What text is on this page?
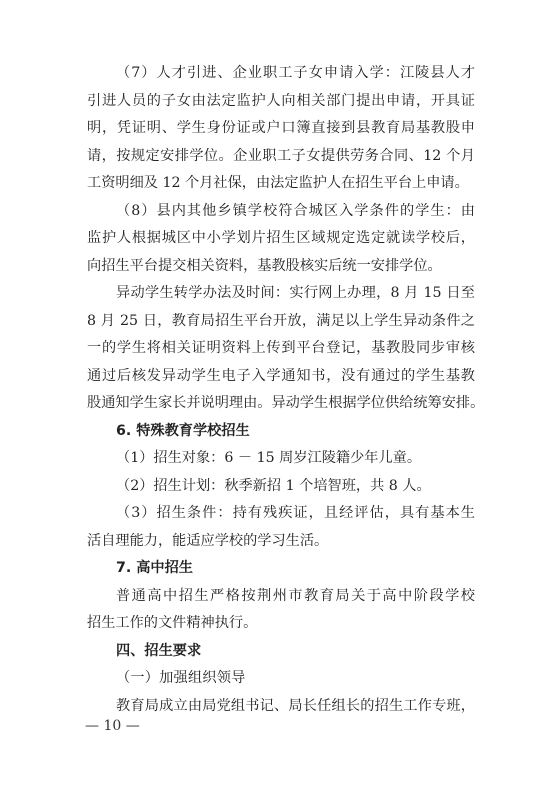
（7）人才引进、企业职工子女申请入学：江陵县人才
引进人员的子女由法定监护人向相关部门提出申请，开具证
明，凭证明、学生身份证或户口簿直接到县教育局基教股申
请，按规定安排学位。企业职工子女提供劳务合同、12 个月
工资明细及 12 个月社保，由法定监护人在招生平台上申请。
（8）县内其他乡镇学校符合城区入学条件的学生：由
监护人根据城区中小学划片招生区域规定选定就读学校后，
向招生平台提交相关资料，基教股核实后统一安排学位。
异动学生转学办法及时间：实行网上办理，8 月 15 日至
8 月 25 日，教育局招生平台开放，满足以上学生异动条件之
一的学生将相关证明资料上传到平台登记，基教股同步审核
通过后核发异动学生电子入学通知书，没有通过的学生基教
股通知学生家长并说明理由。异动学生根据学位供给统筹安排。
6. 特殊教育学校招生
（1）招生对象：6 － 15 周岁江陵籍少年儿童。
（2）招生计划：秋季新招 1 个培智班，共 8 人。
（3）招生条件：持有残疾证，且经评估，具有基本生
活自理能力，能适应学校的学习生活。
7. 高中招生
普通高中招生严格按荆州市教育局关于高中阶段学校
招生工作的文件精神执行。
四、招生要求
（一）加强组织领导
教育局成立由局党组书记、局长任组长的招生工作专班，
— 10 —
